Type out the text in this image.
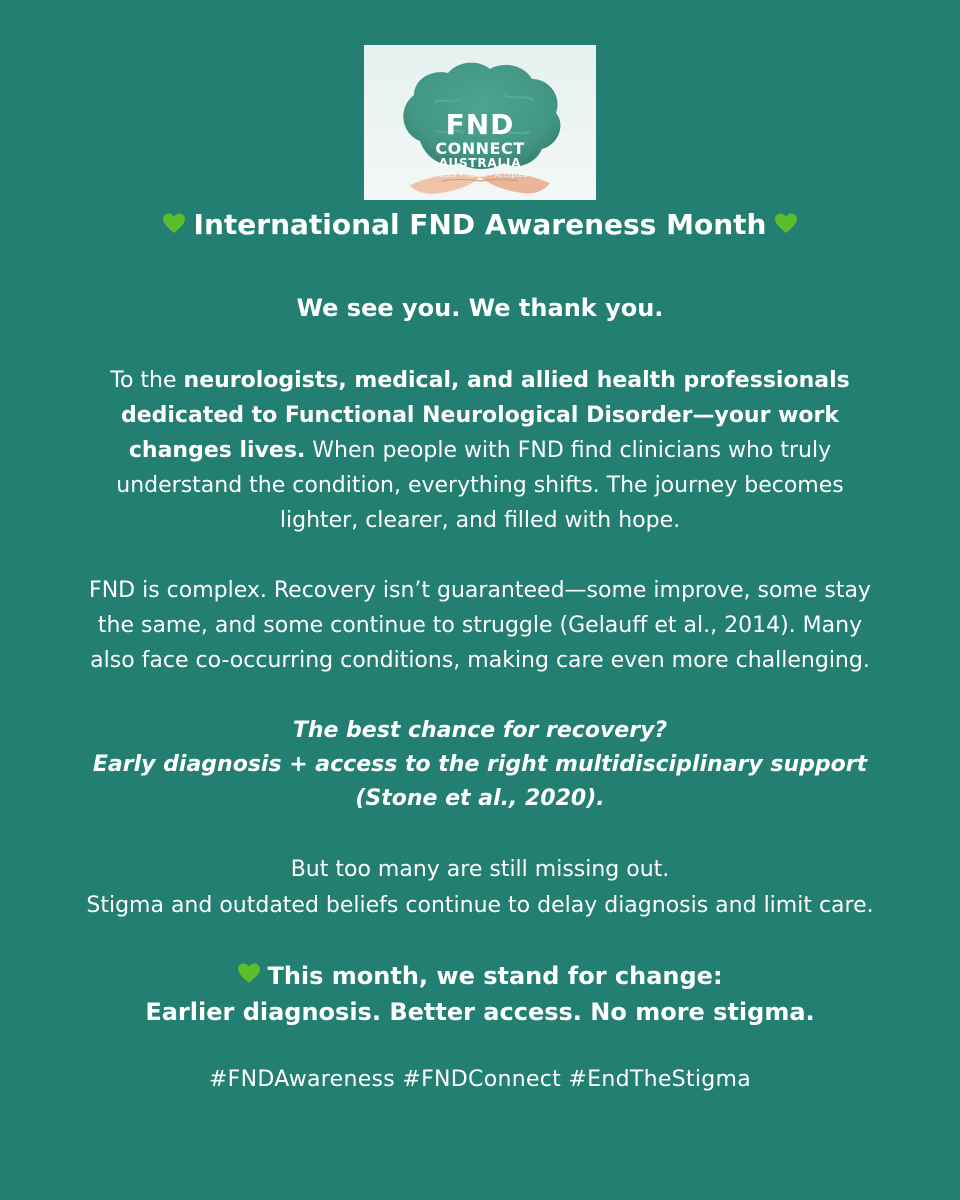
FND
CONNECT
AUSTRALIA
• Seen • Heard • Accepted
International FND Awareness Month
We see you. We thank you.
To the neurologists, medical, and allied health professionals dedicated to Functional Neurological Disorder—your work changes lives. When people with FND find clinicians who truly understand the condition, everything shifts. The journey becomes lighter, clearer, and filled with hope.
FND is complex. Recovery isn’t guaranteed—some improve, some stay the same, and some continue to struggle (Gelauff et al., 2014). Many also face co-occurring conditions, making care even more challenging.
The best chance for recovery?
Early diagnosis + access to the right multidisciplinary support (Stone et al., 2020).
But too many are still missing out.
Stigma and outdated beliefs continue to delay diagnosis and limit care.
This month, we stand for change:
Earlier diagnosis. Better access. No more stigma.
#FNDAwareness #FNDConnect #EndTheStigma
